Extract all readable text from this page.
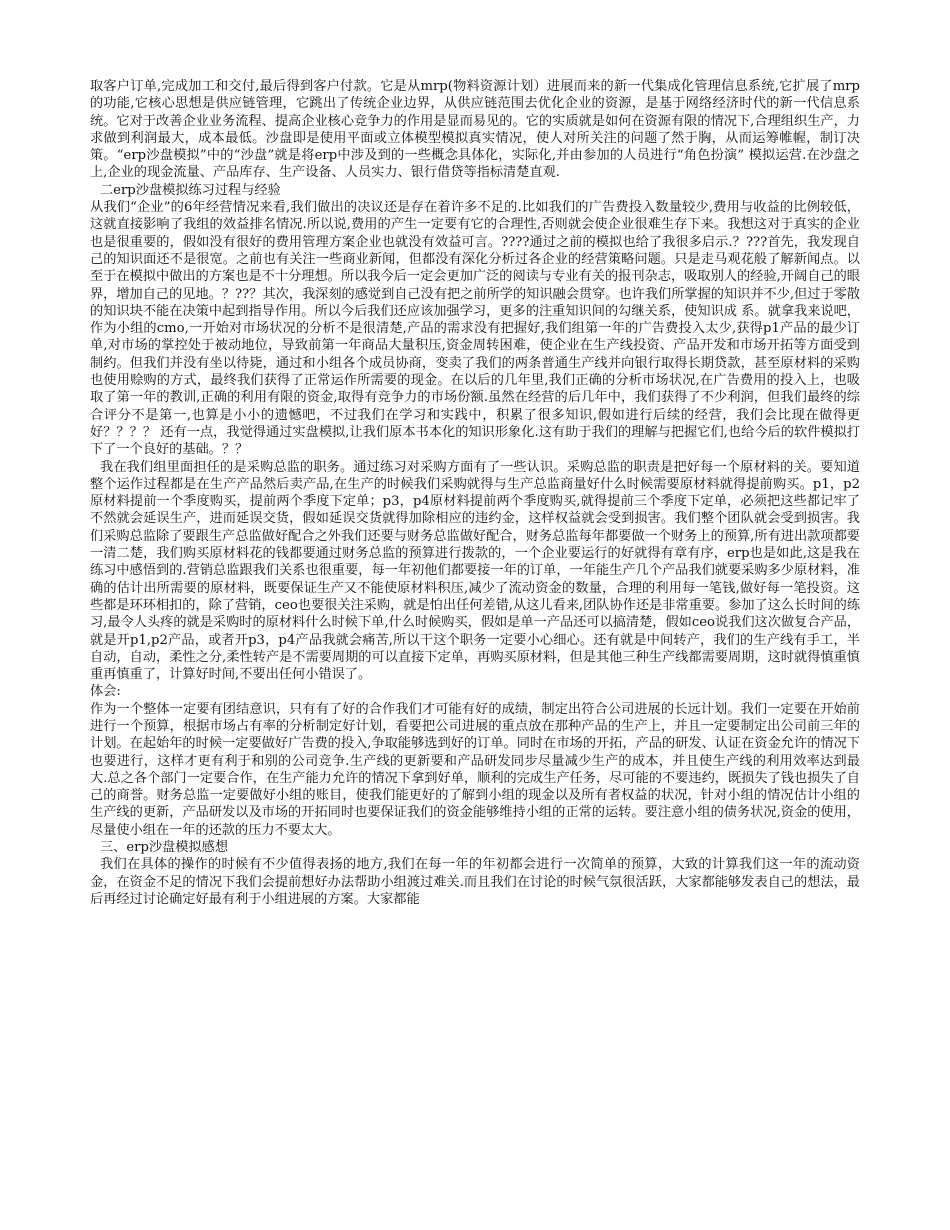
取客户订单,完成加工和交付,最后得到客户付款。它是从mrp(物料资源计划）进展而来的新一代集成化管理信息系统,它扩展了mrp的功能,它核心思想是供应链管理，它跳出了传统企业边界，从供应链范围去优化企业的资源，是基于网络经济时代的新一代信息系统。它对于改善企业业务流程、提高企业核心竞争力的作用是显而易见的。它的实质就是如何在资源有限的情况下,合理组织生产，力求做到利润最大，成本最低。沙盘即是使用平面或立体模型模拟真实情况，使人对所关注的问题了然于胸，从而运筹帷幄，制订决策。“erp沙盘模拟”中的“沙盘”就是将erp中涉及到的一些概念具体化，实际化,并由参加的人员进行“角色扮演” 模拟运营.在沙盘之上,企业的现金流量、产品库存、生产设备、人员实力、银行借贷等指标清楚直观.

二erp沙盘模拟练习过程与经验

从我们“企业”的6年经营情况来看,我们做出的决议还是存在着许多不足的.比如我们的广告费投入数量较少,费用与收益的比例较低，这就直接影响了我组的效益排名情况.所以说,费用的产生一定要有它的合理性,否则就会使企业很难生存下来。我想这对于真实的企业也是很重要的，假如没有很好的费用管理方案企业也就没有效益可言。????通过之前的模拟也给了我很多启示.？???首先，我发现自己的知识面还不是很宽。之前也有关注一些商业新闻，但都没有深化分析过各企业的经营策略问题。只是走马观花般了解新闻点。以至于在模拟中做出的方案也是不十分理想。所以我今后一定会更加广泛的阅读与专业有关的报刊杂志，吸取别人的经验,开阔自己的眼界，增加自己的见地。？??？其次，我深刻的感觉到自己没有把之前所学的知识融会贯穿。也许我们所掌握的知识并不少,但过于零散的知识块不能在决策中起到指导作用。所以今后我们还应该加强学习，更多的注重知识间的勾继关系，使知识成 系。就拿我来说吧，作为小组的cmo,一开始对市场状况的分析不是很清楚,产品的需求没有把握好,我们组第一年的广告费投入太少,获得p1产品的最少订单,对市场的掌控处于被动地位，导致前第一年商品大量积压,资金周转困难，使企业在生产线投资、产品开发和市场开拓等方面受到制约。但我们并没有坐以待毙，通过和小组各个成员协商，变卖了我们的两条普通生产线并向银行取得长期贷款，甚至原材料的采购也使用赊购的方式，最终我们获得了正常运作所需要的现金。在以后的几年里,我们正确的分析市场状况,在广告费用的投入上，也吸取了第一年的教训,正确的利用有限的资金,取得有竞争力的市场份额.虽然在经营的后几年中，我们获得了不少利润，但我们最终的综合评分不是第一,也算是小小的遗憾吧，不过我们在学习和实践中，积累了很多知识,假如进行后续的经营，我们会比现在做得更好？？？？ 还有一点，我觉得通过实盘模拟,让我们原本书本化的知识形象化.这有助于我们的理解与把握它们,也给今后的软件模拟打下了一个良好的基础。？？

我在我们组里面担任的是采购总监的职务。通过练习对采购方面有了一些认识。采购总监的职责是把好每一个原材料的关。要知道整个运作过程都是在生产产品然后卖产品,在生产的时候我们采购就得与生产总监商量好什么时候需要原材料就得提前购买。p1，p2原材料提前一个季度购买，提前两个季度下定单；p3，p4原材料提前两个季度购买,就得提前三个季度下定单，必须把这些都记牢了不然就会延误生产，进而延误交货，假如延误交货就得加除相应的违约金，这样权益就会受到损害。我们整个团队就会受到损害。我们采购总监除了要跟生产总监做好配合之外我们还要与财务总监做好配合，财务总监每年都要做一个财务上的预算,所有进出款项都要一清二楚，我们购买原材料花的钱都要通过财务总监的预算进行拨款的，一个企业要运行的好就得有章有序，erp也是如此,这是我在练习中感悟到的.营销总监跟我们关系也很重要，每一年初他们都要接一年的订单，一年能生产几个产品我们就要采购多少原材料，准确的估计出所需要的原材料，既要保证生产又不能使原材料积压,减少了流动资金的数量，合理的利用每一笔钱,做好每一笔投资。这些都是环环相扣的，除了营销，ceo也要很关注采购，就是怕出任何差错,从这儿看来,团队协作还是非常重要。参加了这么长时间的练习,最令人头疼的就是采购时的原材料什么时候下单,什么时候购买，假如是单一产品还可以搞清楚，假如ceo说我们这次做复合产品，就是开p1,p2产品，或者开p3，p4产品我就会痛苦,所以干这个职务一定要小心细心。还有就是中间转产，我们的生产线有手工，半自动，自动，柔性之分,柔性转产是不需要周期的可以直接下定单，再购买原材料，但是其他三种生产线都需要周期，这时就得慎重慎重再慎重了，计算好时间,不要出任何小错误了。

体会:

作为一个整体一定要有团结意识，只有有了好的合作我们才可能有好的成绩，制定出符合公司进展的长远计划。我们一定要在开始前进行一个预算，根据市场占有率的分析制定好计划，看要把公司进展的重点放在那种产品的生产上，并且一定要制定出公司前三年的计划。在起始年的时候一定要做好广告费的投入,争取能够选到好的订单。同时在市场的开拓，产品的研发、认证在资金允许的情况下也要进行，这样才更有利于和别的公司竞争.生产线的更新要和产品研发同步尽量减少生产的成本，并且使生产线的利用效率达到最大.总之各个部门一定要合作，在生产能力允许的情况下拿到好单，顺利的完成生产任务，尽可能的不要违约，既损失了钱也损失了自己的商誉。财务总监一定要做好小组的账目，使我们能更好的了解到小组的现金以及所有者权益的状况，针对小组的情况估计小组的生产线的更新，产品研发以及市场的开拓同时也要保证我们的资金能够维持小组的正常的运转。要注意小组的债务状况,资金的使用，尽量使小组在一年的还款的压力不要太大。

三、erp沙盘模拟感想

我们在具体的操作的时候有不少值得表扬的地方,我们在每一年的年初都会进行一次简单的预算，大致的计算我们这一年的流动资金，在资金不足的情况下我们会提前想好办法帮助小组渡过难关.而且我们在讨论的时候气氛很活跃，大家都能够发表自己的想法，最后再经过讨论确定好最有利于小组进展的方案。大家都能
